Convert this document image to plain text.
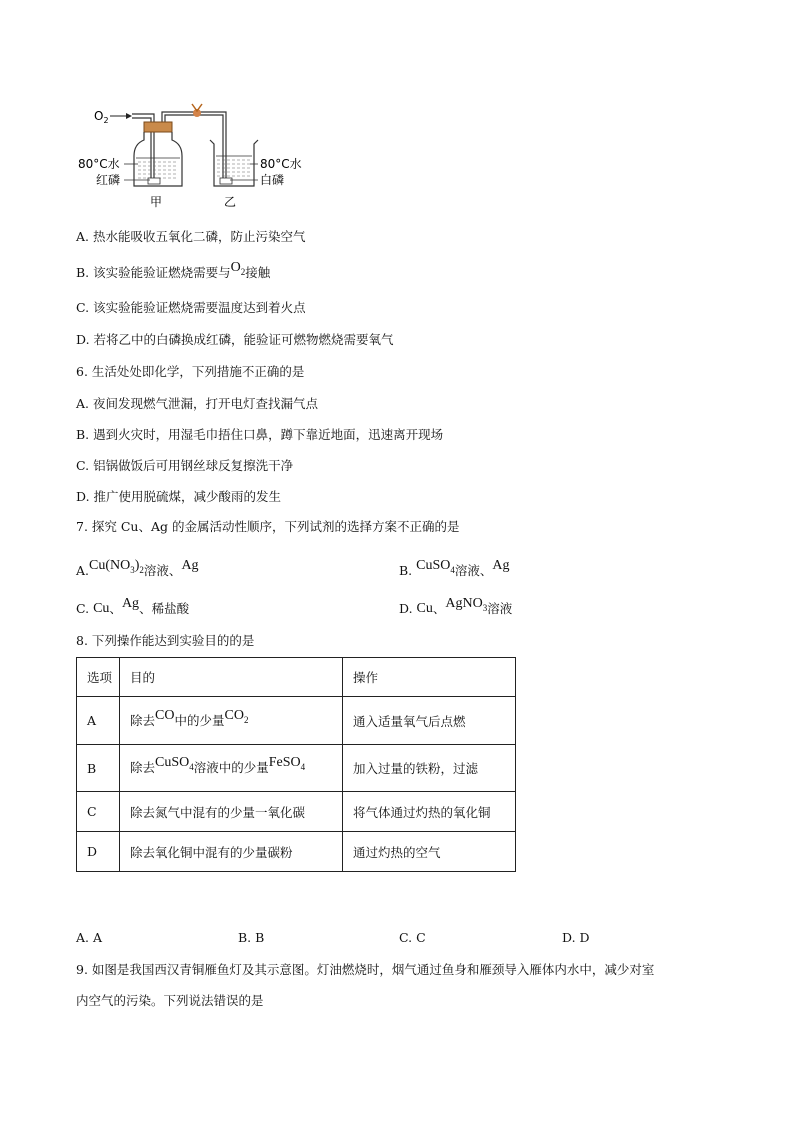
$O_2$
80°C水
红磷
80°C水
白磷
甲	乙
A. 热水能吸收五氧化二磷，防止污染空气
B. 该实验能验证燃烧需要与$O_2$接触
C. 该实验能验证燃烧需要温度达到着火点
D. 若将乙中的白磷换成红磷，能验证可燃物燃烧需要氧气
6. 生活处处即化学，下列措施不正确的是
A. 夜间发现燃气泄漏，打开电灯查找漏气点
B. 遇到火灾时，用湿毛巾捂住口鼻，蹲下靠近地面，迅速离开现场
C. 铝锅做饭后可用钢丝球反复擦洗干净
D. 推广使用脱硫煤，减少酸雨的发生
7. 探究 Cu、Ag 的金属活动性顺序，下列试剂的选择方案不正确的是
$A.Cu(NO_3)_2$溶液、Ag	B. CuSO$_4$溶液、Ag
C. Cu、Ag、稀盐酸	D. Cu、AgNO$_3$溶液
8. 下列操作能达到实验目的的是
选项	目的	操作
A	除去CO中的少量$CO_2$	通入适量氧气后点燃
B	除去CuSO$_4$溶液中的少量FeSO$_4$	加入过量的铁粉，过滤
C	除去氮气中混有的少量一氧化碳	将气体通过灼热的氧化铜
D	除去氧化铜中混有的少量碳粉	通过灼热的空气
A. A	B. B	C. C	D. D
9. 如图是我国西汉青铜雁鱼灯及其示意图。灯油燃烧时，烟气通过鱼身和雁颈导入雁体内水中，减少对室
内空气的污染。下列说法错误的是
